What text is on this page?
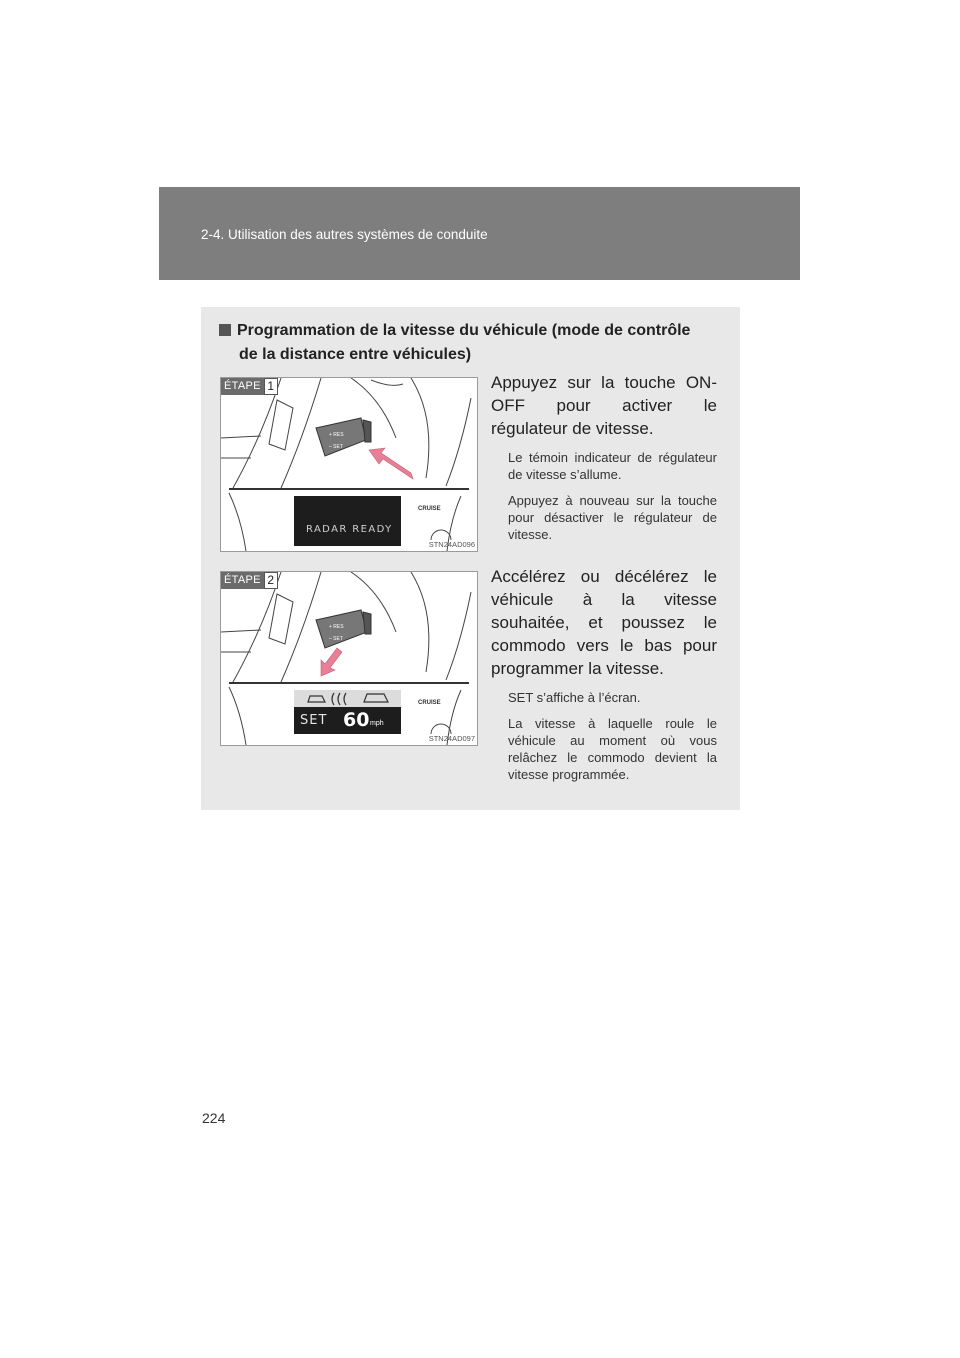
2-4. Utilisation des autres systèmes de conduite
Programmation de la vitesse du véhicule (mode de contrôle
de la distance entre véhicules)
+ RES
– SET
ÉTAPE 1
RADAR READY
CRUISE
STN24AD096

Appuyez sur la touche ON-OFF pour activer le régulateur de vitesse.

Le témoin indicateur de régulateur de vitesse s’allume.

Appuyez à nouveau sur la touche pour désactiver le régulateur de vitesse.

+ RES
– SET
ÉTAPE 2
SET 60 mph
CRUISE
STN24AD097

Accélérez ou décélérez le véhicule à la vitesse souhaitée, et poussez le commodo vers le bas pour programmer la vitesse.

SET s’affiche à l’écran.

La vitesse à laquelle roule le véhicule au moment où vous relâchez le commodo devient la vitesse programmée.

224
